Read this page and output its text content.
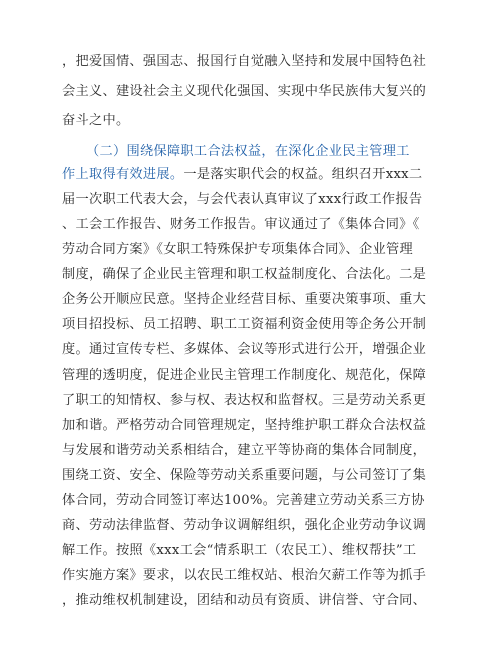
，把爱国情、强国志、报国行自觉融入坚持和发展中国特色社
会主义、建设社会主义现代化强国、实现中华民族伟大复兴的
奋斗之中。
（二）围绕保障职工合法权益，在深化企业民主管理工
作上取得有效进展。一是落实职代会的权益。组织召开xxx二
届一次职工代表大会，与会代表认真审议了xxx行政工作报告
、工会工作报告、财务工作报告。审议通过了《集体合同》《
劳动合同方案》《女职工特殊保护专项集体合同》、企业管理
制度，确保了企业民主管理和职工权益制度化、合法化。二是
企务公开顺应民意。坚持企业经营目标、重要决策事项、重大
项目招投标、员工招聘、职工工资福利资金使用等企务公开制
度。通过宣传专栏、多媒体、会议等形式进行公开，增强企业
管理的透明度，促进企业民主管理工作制度化、规范化，保障
了职工的知情权、参与权、表达权和监督权。三是劳动关系更
加和谐。严格劳动合同管理规定，坚持维护职工群众合法权益
与发展和谐劳动关系相结合，建立平等协商的集体合同制度，
围绕工资、安全、保险等劳动关系重要问题，与公司签订了集
体合同，劳动合同签订率达100%。完善建立劳动关系三方协
商、劳动法律监督、劳动争议调解组织，强化企业劳动争议调
解工作。按照《xxx工会“情系职工（农民工）、维权帮扶”工
作实施方案》要求，以农民工维权站、根治欠薪工作等为抓手
，推动维权机制建设，团结和动员有资质、讲信誉、守合同、
